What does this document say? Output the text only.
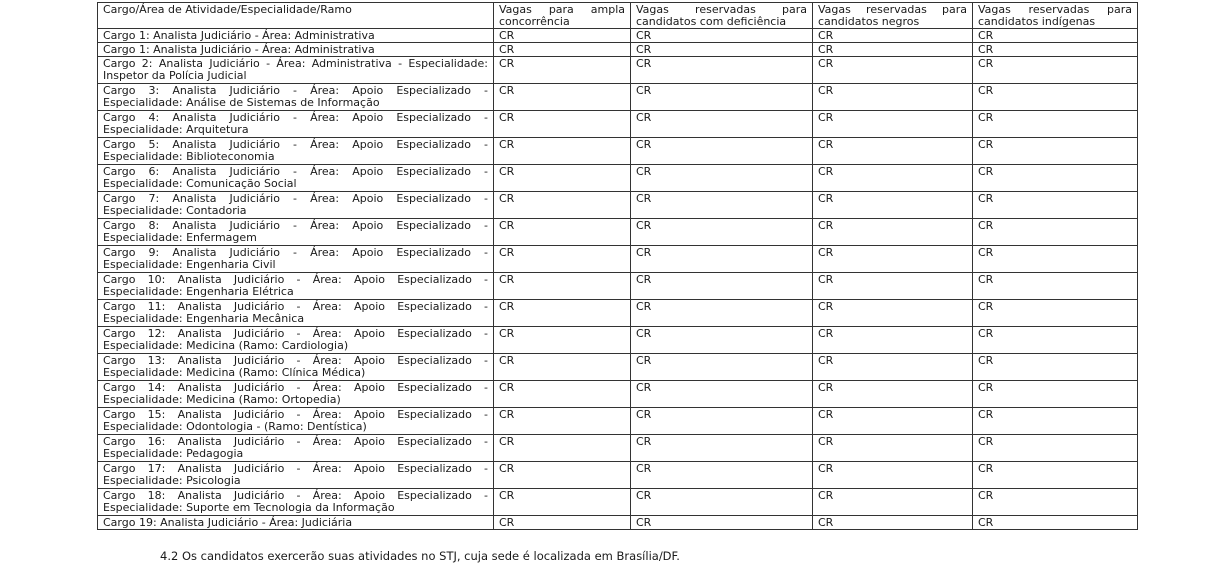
Cargo/Área de Atividade/Especialidade/Ramo	Vagas para ampla concorrência	Vagas reservadas para candidatos com deficiência	Vagas reservadas para candidatos negros	Vagas reservadas para candidatos indígenas
Cargo 1: Analista Judiciário - Área: Administrativa	CR	CR	CR	CR
Cargo 1: Analista Judiciário - Área: Administrativa	CR	CR	CR	CR
Cargo 2: Analista Judiciário - Área: Administrativa - Especialidade: Inspetor da Polícia Judicial	CR	CR	CR	CR
Cargo 3: Analista Judiciário - Área: Apoio Especializado - Especialidade: Análise de Sistemas de Informação	CR	CR	CR	CR
Cargo 4: Analista Judiciário - Área: Apoio Especializado - Especialidade: Arquitetura	CR	CR	CR	CR
Cargo 5: Analista Judiciário - Área: Apoio Especializado - Especialidade: Biblioteconomia	CR	CR	CR	CR
Cargo 6: Analista Judiciário - Área: Apoio Especializado - Especialidade: Comunicação Social	CR	CR	CR	CR
Cargo 7: Analista Judiciário - Área: Apoio Especializado - Especialidade: Contadoria	CR	CR	CR	CR
Cargo 8: Analista Judiciário - Área: Apoio Especializado - Especialidade: Enfermagem	CR	CR	CR	CR
Cargo 9: Analista Judiciário - Área: Apoio Especializado - Especialidade: Engenharia Civil	CR	CR	CR	CR
Cargo 10: Analista Judiciário - Área: Apoio Especializado - Especialidade: Engenharia Elétrica	CR	CR	CR	CR
Cargo 11: Analista Judiciário - Área: Apoio Especializado - Especialidade: Engenharia Mecânica	CR	CR	CR	CR
Cargo 12: Analista Judiciário - Área: Apoio Especializado - Especialidade: Medicina (Ramo: Cardiologia)	CR	CR	CR	CR
Cargo 13: Analista Judiciário - Área: Apoio Especializado - Especialidade: Medicina (Ramo: Clínica Médica)	CR	CR	CR	CR
Cargo 14: Analista Judiciário - Área: Apoio Especializado - Especialidade: Medicina (Ramo: Ortopedia)	CR	CR	CR	CR
Cargo 15: Analista Judiciário - Área: Apoio Especializado - Especialidade: Odontologia - (Ramo: Dentística)	CR	CR	CR	CR
Cargo 16: Analista Judiciário - Área: Apoio Especializado - Especialidade: Pedagogia	CR	CR	CR	CR
Cargo 17: Analista Judiciário - Área: Apoio Especializado - Especialidade: Psicologia	CR	CR	CR	CR
Cargo 18: Analista Judiciário - Área: Apoio Especializado - Especialidade: Suporte em Tecnologia da Informação	CR	CR	CR	CR
Cargo 19: Analista Judiciário - Área: Judiciária	CR	CR	CR	CR
4.2 Os candidatos exercerão suas atividades no STJ, cuja sede é localizada em Brasília/DF.
